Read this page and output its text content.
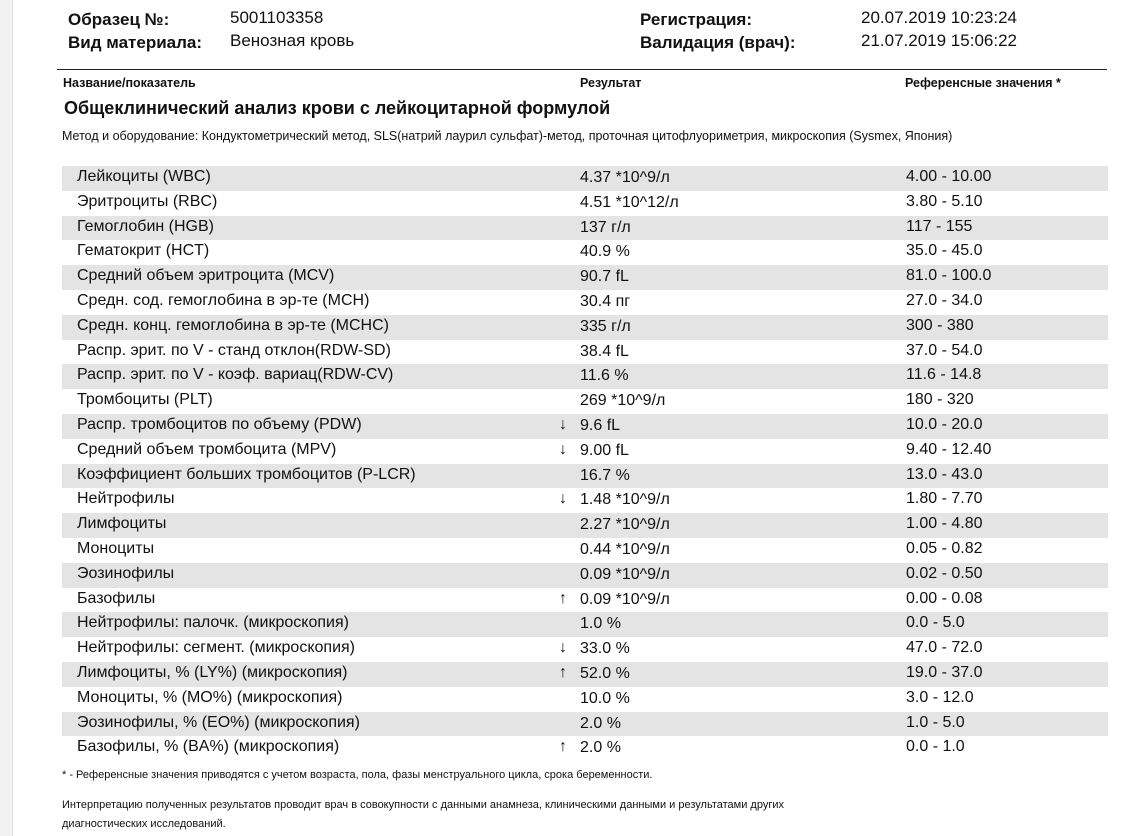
Образец №:	5001103358
Вид материала: Венозная кровь
Регистрация:	20.07.2019 10:23:24
Валидация (врач):	21.07.2019 15:06:22
Название/показатель	Результат	Референсные значения *
Общеклинический анализ крови с лейкоцитарной формулой
Метод и оборудование: Кондуктометрический метод, SLS(натрий лаурил сульфат)-метод, проточная цитофлуориметрия, микроскопия (Sysmex, Япония)
Лейкоциты (WBC)	4.37 *10^9/л	4.00 - 10.00
Эритроциты (RBC)	4.51 *10^12/л	3.80 - 5.10
Гемоглобин (HGB)	137 г/л	117 - 155
Гематокрит (HCT)	40.9 %	35.0 - 45.0
Средний объем эритроцита (MCV)	90.7 fL	81.0 - 100.0
Средн. сод. гемоглобина в эр-те (MCH)	30.4 пг	27.0 - 34.0
Средн. конц. гемоглобина в эр-те (MCHC)	335 г/л	300 - 380
Распр. эрит. по V - станд отклон(RDW-SD)	38.4 fL	37.0 - 54.0
Распр. эрит. по V - коэф. вариац(RDW-CV)	11.6 %	11.6 - 14.8
Тромбоциты (PLT)	269 *10^9/л	180 - 320
Распр. тромбоцитов по объему (PDW)	↓ 9.6 fL	10.0 - 20.0
Средний объем тромбоцита (MPV)	↓ 9.00 fL	9.40 - 12.40
Коэффициент больших тромбоцитов (P-LCR)	16.7 %	13.0 - 43.0
Нейтрофилы	↓ 1.48 *10^9/л	1.80 - 7.70
Лимфоциты	2.27 *10^9/л	1.00 - 4.80
Моноциты	0.44 *10^9/л	0.05 - 0.82
Эозинофилы	0.09 *10^9/л	0.02 - 0.50
Базофилы	↑ 0.09 *10^9/л	0.00 - 0.08
Нейтрофилы: палочк. (микроскопия)	1.0 %	0.0 - 5.0
Нейтрофилы: сегмент. (микроскопия)	↓ 33.0 %	47.0 - 72.0
Лимфоциты, % (LY%) (микроскопия)	↑ 52.0 %	19.0 - 37.0
Моноциты, % (MO%) (микроскопия)	10.0 %	3.0 - 12.0
Эозинофилы, % (EO%) (микроскопия)	2.0 %	1.0 - 5.0
Базофилы, % (BA%) (микроскопия)	↑ 2.0 %	0.0 - 1.0
* - Референсные значения приводятся с учетом возраста, пола, фазы менструального цикла, срока беременности.
Интерпретацию полученных результатов проводит врач в совокупности с данными анамнеза, клиническими данными и результатами других диагностических исследований.
